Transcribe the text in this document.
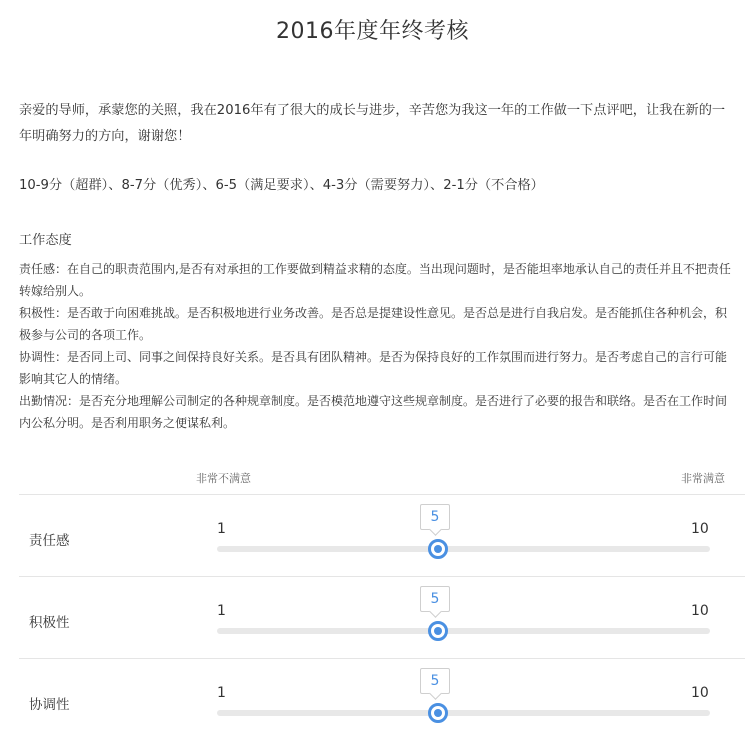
2016年度年终考核
亲爱的导师，承蒙您的关照，我在2016年有了很大的成长与进步，辛苦您为我这一年的工作做一下点评吧，让我在新的一年明确努力的方向，谢谢您！
10-9分（超群）、8-7分（优秀）、6-5（满足要求）、4-3分（需要努力）、2-1分（不合格）
工作态度

责任感：在自己的职责范围内,是否有对承担的工作要做到精益求精的态度。当出现问题时，是否能坦率地承认自己的责任并且不把责任转嫁给别人。

积极性：是否敢于向困难挑战。是否积极地进行业务改善。是否总是提建设性意见。是否总是进行自我启发。是否能抓住各种机会，积极参与公司的各项工作。

协调性：是否同上司、同事之间保持良好关系。是否具有团队精神。是否为保持良好的工作氛围而进行努力。是否考虑自己的言行可能影响其它人的情绪。

出勤情况：是否充分地理解公司制定的各种规章制度。是否模范地遵守这些规章制度。是否进行了必要的报告和联络。是否在工作时间内公私分明。是否利用职务之便谋私利。

非常不满意	非常满意
责任感
1	10
5
积极性
1	10
5
协调性
1	10
5
